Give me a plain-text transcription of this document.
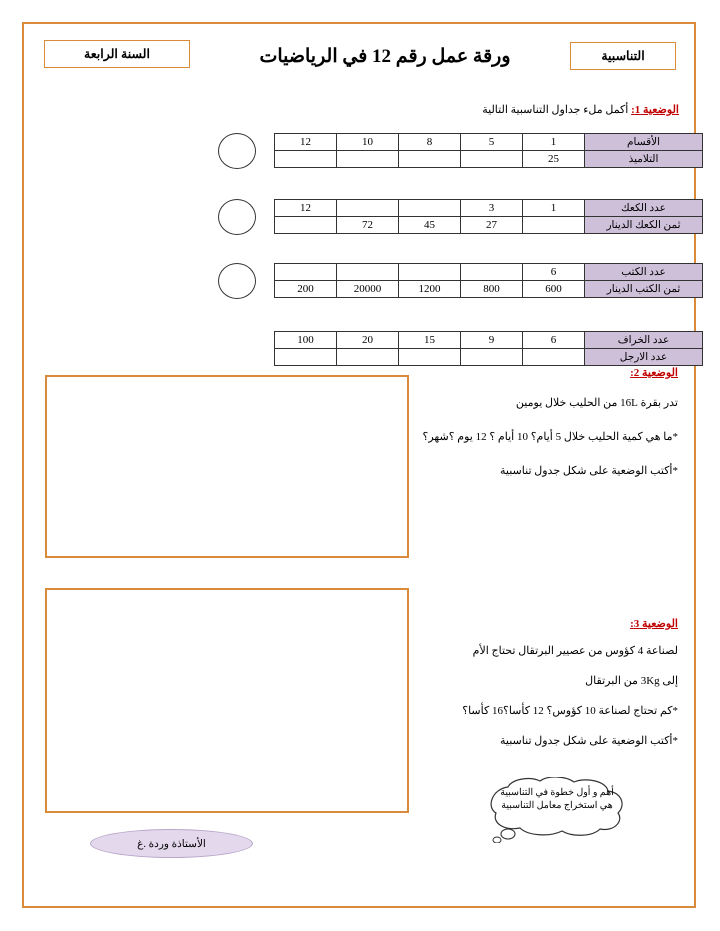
السنة الرابعة	ورقة عمل رقم 12 في الرياضيات	التناسبية
الوضعية 1: أكمل ملء جداول التناسبية التالية
الأقسام	1	5	8	10	12
التلاميذ	25				
عدد الكعك	1	3			12
ثمن الكعك الدينار		27	45	72	
عدد الكتب	6				
ثمن الكتب الدينار	600	800	1200	20000	200
عدد الخراف	6	9	15	20	100
عدد الارجل					
الوضعية 2:
تدر بقرة 16L من الحليب خلال يومين
*ما هي كمية الحليب خلال 5 أيام؟ 10 أيام ؟ 12 يوم ؟شهر؟
*أكتب الوضعية على شكل جدول تناسبية
الوضعية 3:
لصناعة 4 كؤوس من عصيير البرتقال تحتاج الأم
إلى 3Kg من البرتقال
*كم تحتاج لصناعة 10 كؤوس؟ 12 كأسا؟16 كأسا؟
*أكتب الوضعية على شكل جدول تناسبية
أهم و أول خطوة في التناسبية هي استخراج معامل التناسبية
الأستاذة وردة .غ
